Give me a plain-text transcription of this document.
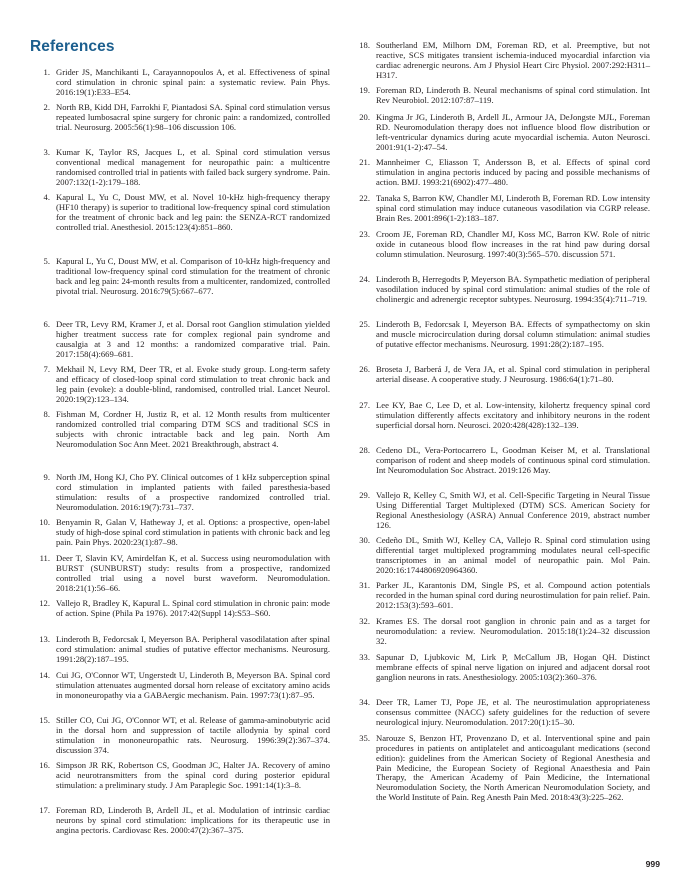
References
1. Grider JS, Manchikanti L, Carayannopoulos A, et al. Effectiveness of spinal cord stimulation in chronic spinal pain: a systematic review. Pain Phys. 2016:19(1):E33–E54.
2. North RB, Kidd DH, Farrokhi F, Piantadosi SA. Spinal cord stimulation versus repeated lumbosacral spine surgery for chronic pain: a randomized, controlled trial. Neurosurg. 2005:56(1):98–106 discussion 106.
3. Kumar K, Taylor RS, Jacques L, et al. Spinal cord stimulation versus conventional medical management for neuropathic pain: a multicentre randomised controlled trial in patients with failed back surgery syndrome. Pain. 2007:132(1-2):179–188.
4. Kapural L, Yu C, Doust MW, et al. Novel 10-kHz high-frequency therapy (HF10 therapy) is superior to traditional low-frequency spinal cord stimulation for the treatment of chronic back and leg pain: the SENZA-RCT randomized controlled trial. Anesthesiol. 2015:123(4):851–860.
5. Kapural L, Yu C, Doust MW, et al. Comparison of 10-kHz high-frequency and traditional low-frequency spinal cord stimulation for the treatment of chronic back and leg pain: 24-month results from a multicenter, randomized, controlled pivotal trial. Neurosurg. 2016:79(5):667–677.
6. Deer TR, Levy RM, Kramer J, et al. Dorsal root Ganglion stimulation yielded higher treatment success rate for complex regional pain syndrome and causalgia at 3 and 12 months: a randomized comparative trial. Pain. 2017:158(4):669–681.
7. Mekhail N, Levy RM, Deer TR, et al. Evoke study group. Long-term safety and efficacy of closed-loop spinal cord stimulation to treat chronic back and leg pain (evoke): a double-blind, randomised, controlled trial. Lancet Neurol. 2020:19(2):123–134.
8. Fishman M, Cordner H, Justiz R, et al. 12 Month results from multicenter randomized controlled trial comparing DTM SCS and traditional SCS in subjects with chronic intractable back and leg pain. North Am Neuromodulation Soc Ann Meet. 2021 Breakthrough, abstract 4.
9. North JM, Hong KJ, Cho PY. Clinical outcomes of 1 kHz subperception spinal cord stimulation in implanted patients with failed paresthesia-based stimulation: results of a prospective randomized controlled trial. Neuromodulation. 2016:19(7):731–737.
10. Benyamin R, Galan V, Hatheway J, et al. Options: a prospective, open-label study of high-dose spinal cord stimulation in patients with chronic back and leg pain. Pain Phys. 2020:23(1):87–98.
11. Deer T, Slavin KV, Amirdelfan K, et al. Success using neuromodulation with BURST (SUNBURST) study: results from a prospective, randomized controlled trial using a novel burst waveform. Neuromodulation. 2018:21(1):56–66.
12. Vallejo R, Bradley K, Kapural L. Spinal cord stimulation in chronic pain: mode of action. Spine (Phila Pa 1976). 2017:42(Suppl 14):S53–S60.
13. Linderoth B, Fedorcsak I, Meyerson BA. Peripheral vasodilatation after spinal cord stimulation: animal studies of putative effector mechanisms. Neurosurg. 1991:28(2):187–195.
14. Cui JG, O'Connor WT, Ungerstedt U, Linderoth B, Meyerson BA. Spinal cord stimulation attenuates augmented dorsal horn release of excitatory amino acids in mononeuropathy via a GABAergic mechanism. Pain. 1997:73(1):87–95.
15. Stiller CO, Cui JG, O'Connor WT, et al. Release of gamma-aminobutyric acid in the dorsal horn and suppression of tactile allodynia by spinal cord stimulation in mononeuropathic rats. Neurosurg. 1996:39(2):367–374. discussion 374.
16. Simpson JR RK, Robertson CS, Goodman JC, Halter JA. Recovery of amino acid neurotransmitters from the spinal cord during posterior epidural stimulation: a preliminary study. J Am Paraplegic Soc. 1991:14(1):3–8.
17. Foreman RD, Linderoth B, Ardell JL, et al. Modulation of intrinsic cardiac neurons by spinal cord stimulation: implications for its therapeutic use in angina pectoris. Cardiovasc Res. 2000:47(2):367–375.
18. Southerland EM, Milhorn DM, Foreman RD, et al. Preemptive, but not reactive, SCS mitigates transient ischemia-induced myocardial infarction via cardiac adrenergic neurons. Am J Physiol Heart Circ Physiol. 2007:292:H311–H317.
19. Foreman RD, Linderoth B. Neural mechanisms of spinal cord stimulation. Int Rev Neurobiol. 2012:107:87–119.
20. Kingma Jr JG, Linderoth B, Ardell JL, Armour JA, DeJongste MJL, Foreman RD. Neuromodulation therapy does not influence blood flow distribution or left-ventricular dynamics during acute myocardial ischemia. Auton Neurosci. 2001:91(1-2):47–54.
21. Mannheimer C, Eliasson T, Andersson B, et al. Effects of spinal cord stimulation in angina pectoris induced by pacing and possible mechanisms of action. BMJ. 1993:21(6902):477–480.
22. Tanaka S, Barron KW, Chandler MJ, Linderoth B, Foreman RD. Low intensity spinal cord stimulation may induce cutaneous vasodilation via CGRP release. Brain Res. 2001:896(1-2):183–187.
23. Croom JE, Foreman RD, Chandler MJ, Koss MC, Barron KW. Role of nitric oxide in cutaneous blood flow increases in the rat hind paw during dorsal column stimulation. Neurosurg. 1997:40(3):565–570. discussion 571.
24. Linderoth B, Herregodts P, Meyerson BA. Sympathetic mediation of peripheral vasodilation induced by spinal cord stimulation: animal studies of the role of cholinergic and adrenergic receptor subtypes. Neurosurg. 1994:35(4):711–719.
25. Linderoth B, Fedorcsak I, Meyerson BA. Effects of sympathectomy on skin and muscle microcirculation during dorsal column stimulation: animal studies of putative effector mechanisms. Neurosurg. 1991:28(2):187–195.
26. Broseta J, Barberá J, de Vera JA, et al. Spinal cord stimulation in peripheral arterial disease. A cooperative study. J Neurosurg. 1986:64(1):71–80.
27. Lee KY, Bae C, Lee D, et al. Low-intensity, kilohertz frequency spinal cord stimulation differently affects excitatory and inhibitory neurons in the rodent superficial dorsal horn. Neurosci. 2020:428(428):132–139.
28. Cedeno DL, Vera-Portocarrero L, Goodman Keiser M, et al. Translational comparison of rodent and sheep models of continuous spinal cord stimulation. Int Neuromodulation Soc Abstract. 2019:126 May.
29. Vallejo R, Kelley C, Smith WJ, et al. Cell-Specific Targeting in Neural Tissue Using Differential Target Multiplexed (DTM) SCS. American Society for Regional Anesthesiology (ASRA) Annual Conference 2019, abstract number 126.
30. Cedeño DL, Smith WJ, Kelley CA, Vallejo R. Spinal cord stimulation using differential target multiplexed programming modulates neural cell-specific transcriptomes in an animal model of neuropathic pain. Mol Pain. 2020:16:1744806920964360.
31. Parker JL, Karantonis DM, Single PS, et al. Compound action potentials recorded in the human spinal cord during neurostimulation for pain relief. Pain. 2012:153(3):593–601.
32. Krames ES. The dorsal root ganglion in chronic pain and as a target for neuromodulation: a review. Neuromodulation. 2015:18(1):24–32 discussion 32.
33. Sapunar D, Ljubkovic M, Lirk P, McCallum JB, Hogan QH. Distinct membrane effects of spinal nerve ligation on injured and adjacent dorsal root ganglion neurons in rats. Anesthesiology. 2005:103(2):360–376.
34. Deer TR, Lamer TJ, Pope JE, et al. The neurostimulation appropriateness consensus committee (NACC) safety guidelines for the reduction of severe neurological injury. Neuromodulation. 2017:20(1):15–30.
35. Narouze S, Benzon HT, Provenzano D, et al. Interventional spine and pain procedures in patients on antiplatelet and anticoagulant medications (second edition): guidelines from the American Society of Regional Anesthesia and Pain Medicine, the European Society of Regional Anaesthesia and Pain Therapy, the American Academy of Pain Medicine, the International Neuromodulation Society, the North American Neuromodulation Society, and the World Institute of Pain. Reg Anesth Pain Med. 2018:43(3):225–262.
999
